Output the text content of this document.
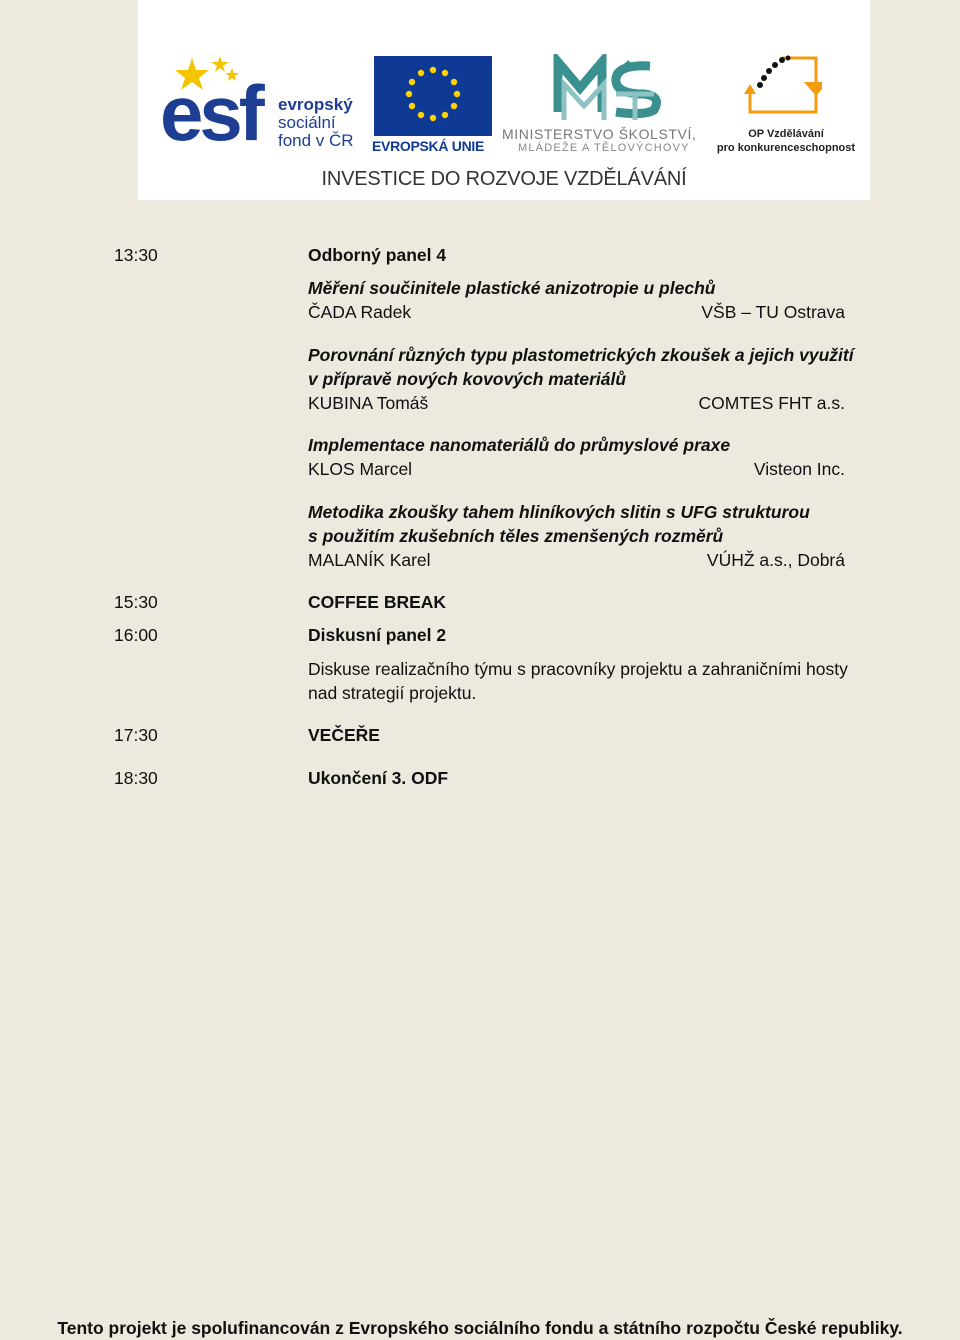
esf evropský
sociální
fond v ČR	EVROPSKÁ UNIE
MINISTERSTVO ŠKOLSTVÍ,
MLÁDEŽE A TĚLOVÝCHOVY
OP Vzdělávání
pro konkurenceschopnost
INVESTICE DO ROZVOJE VZDĚLÁVÁNÍ
13:30	Odborný panel 4
Měření součinitele plastické anizotropie u plechů
ČADA Radek	VŠB – TU Ostrava
Porovnání různých typu plastometrických zkoušek a jejich využití
v přípravě nových kovových materiálů
KUBINA Tomáš	COMTES FHT a.s.
Implementace nanomateriálů do průmyslové praxe
KLOS Marcel	Visteon Inc.
Metodika zkoušky tahem hliníkových slitin s UFG strukturou
s použitím zkušebních těles zmenšených rozměrů
MALANÍK Karel	VÚHŽ a.s., Dobrá
15:30	COFFEE BREAK
16:00	Diskusní panel 2
Diskuse realizačního týmu s pracovníky projektu a zahraničními hosty
nad strategií projektu.
17:30	VEČEŘE
18:30	Ukončení 3. ODF
Tento projekt je spolufinancován z Evropského sociálního fondu a státního rozpočtu České republiky.
